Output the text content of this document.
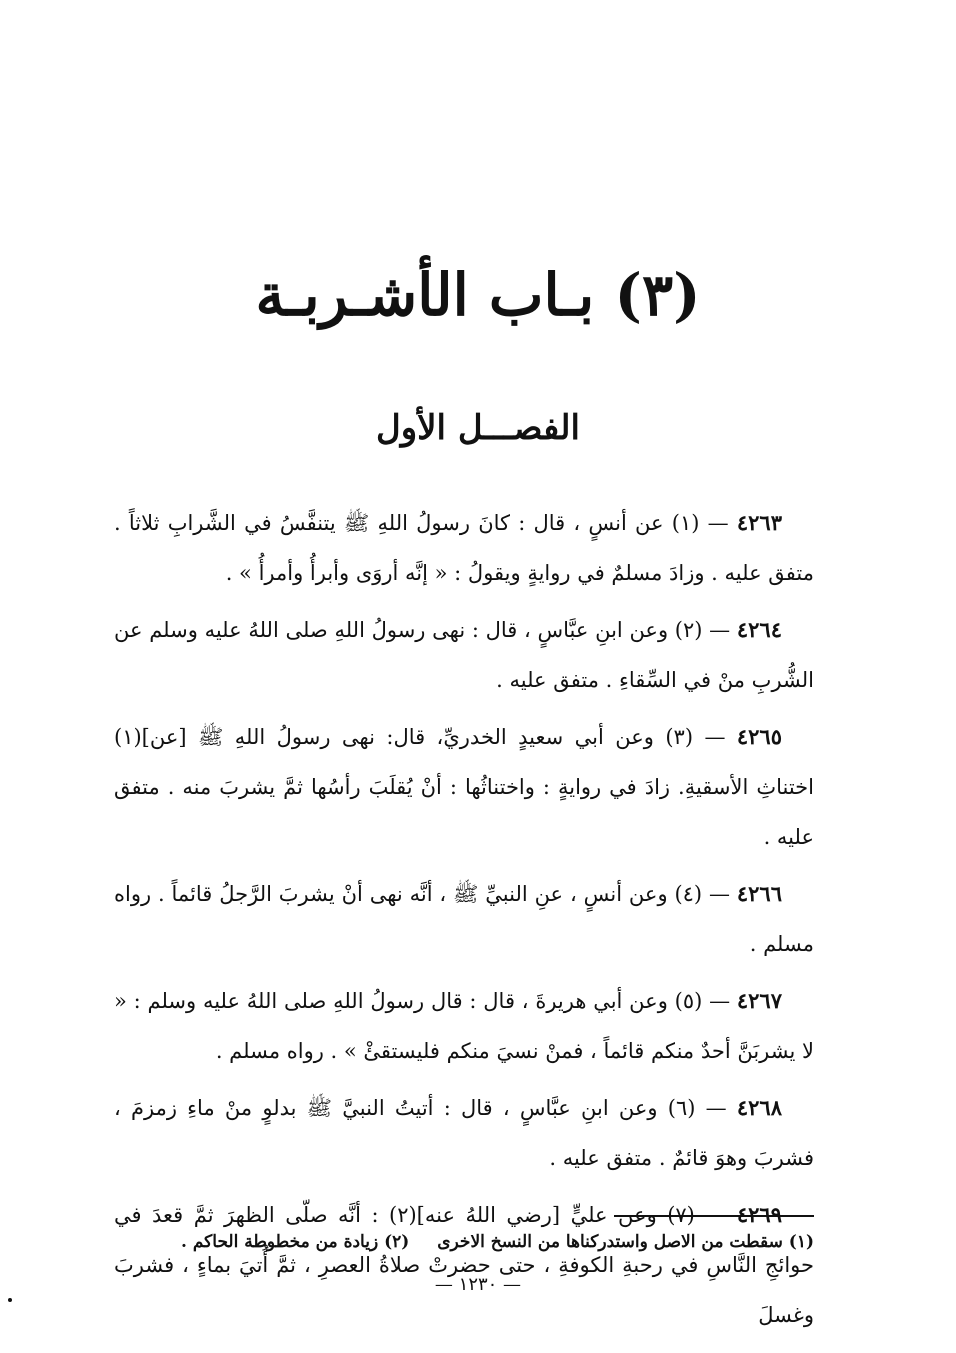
(٣) بـاب الأشـربـة
الفصـــل الأول

٤٢٦٣ — (١) عن أنسٍ ، قال : كانَ رسولُ اللهِ ﷺ يتنفَّسُ في الشَّرابِ ثلاثاً . متفق عليه . وزادَ مسلمٌ في روايةٍ ويقولُ : « إنَّه أروَى وأبرأُ وأمرأُ » .

٤٢٦٤ — (٢) وعن ابنِ عبَّاسٍ ، قال : نهى رسولُ اللهِ صلى اللهُ عليه وسلم عن الشُّربِ منْ في السِّقاءِ . متفق عليه .

٤٢٦٥ — (٣) وعن أبي سعيدٍ الخدريِّ، قال: نهى رسولُ اللهِ ﷺ [عن](١) اختناثِ الأسقيةِ. زادَ في روايةٍ : واختناثُها : أنْ يُقلَبَ رأسُها ثمَّ يشربَ منه . متفق عليه .

٤٢٦٦ — (٤) وعن أنسٍ ، عنِ النبيِّ ﷺ ، أنَّه نهى أنْ يشربَ الرَّجلُ قائماً . رواه مسلم .

٤٢٦٧ — (٥) وعن أبي هريرةَ ، قال : قال رسولُ اللهِ صلى اللهُ عليه وسلم : « لا يشربَنَّ أحدٌ منكم قائماً ، فمنْ نسيَ منكم فليستقئْ » . رواه مسلم .

٤٢٦٨ — (٦) وعن ابنِ عبَّاسٍ ، قال : أتيتُ النبيَّ ﷺ بدلوٍ منْ ماءِ زمزمَ ، فشربَ وهوَ قائمٌ . متفق عليه .

٤٢٦٩ — (٧) وعن عليٍّ [رضي اللهُ عنه](٢) : أنَّه صلّى الظهرَ ثمَّ قعدَ في حوائجِ النَّاسِ في رحبةِ الكوفةِ ، حتى حضرتْ صلاةُ العصرِ ، ثمَّ أُتيَ بماءٍ ، فشربَ وغسلَ

(١) سقطت من الاصل واستدركناها من النسخ الاخرى (٢) زيادة من مخطوطة الحاكم .
— ١٢٣٠ —
